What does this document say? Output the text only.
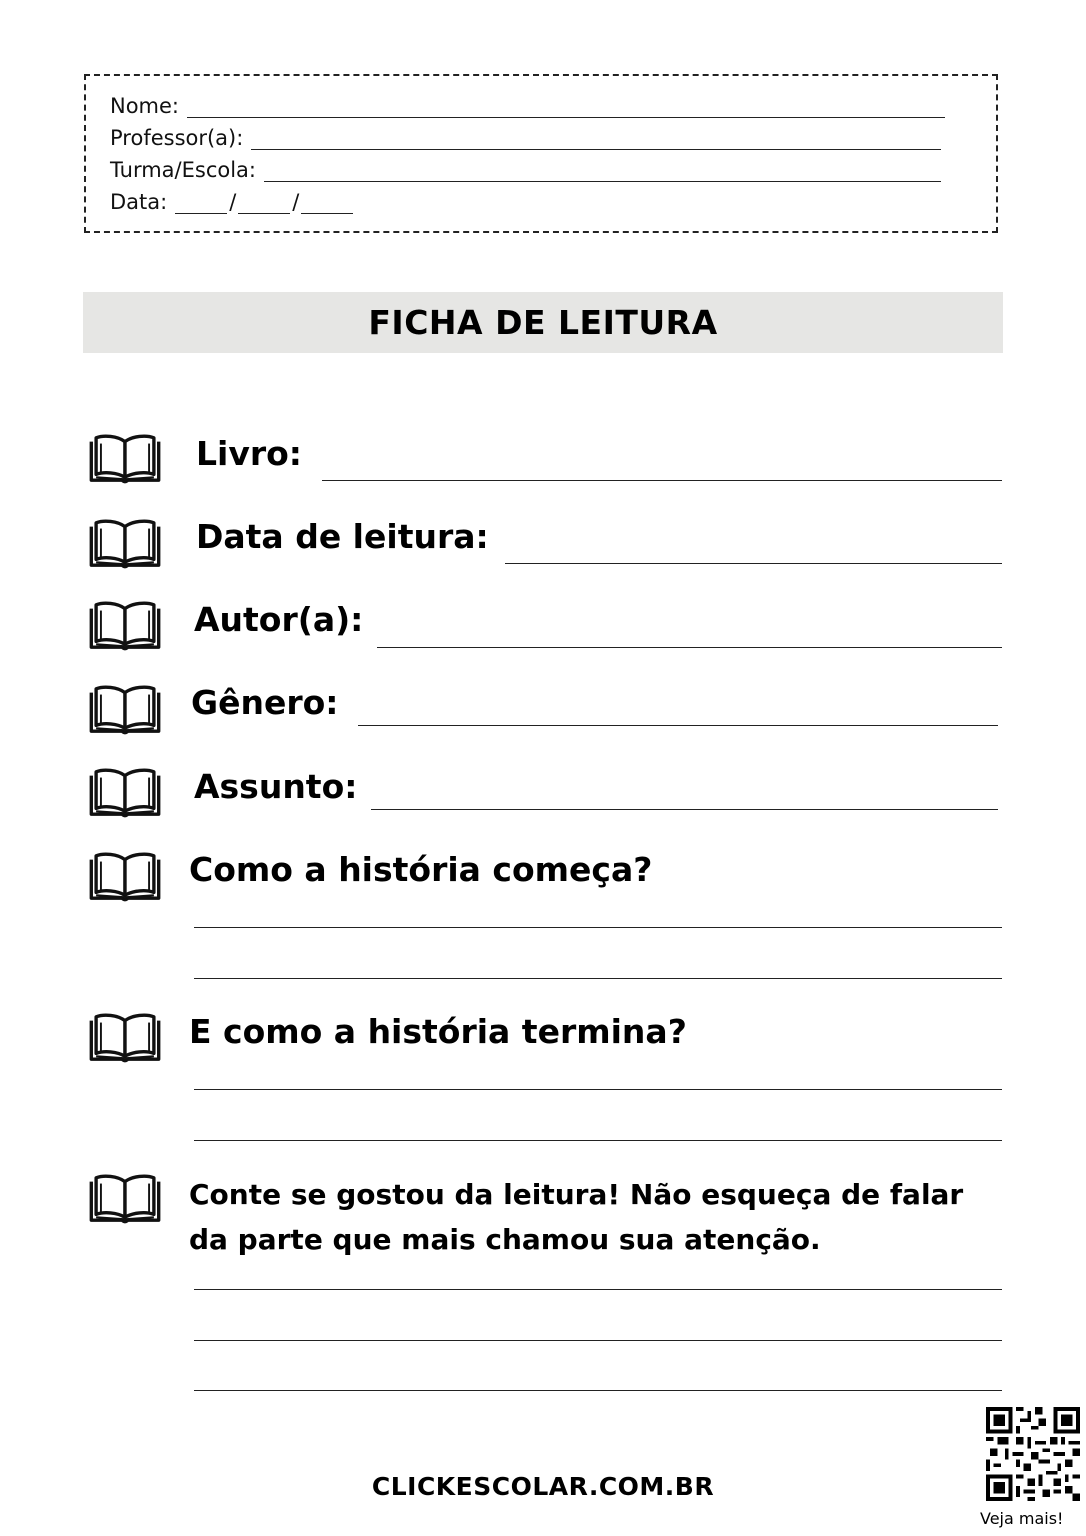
Nome:
Professor(a):
Turma/Escola:
Data:	/	/
FICHA DE LEITURA
Livro:
Data de leitura:
Autor(a):
Gênero:
Assunto:
Como a história começa?
E como a história termina?
Conte se gostou da leitura! Não esqueça de falar
da parte que mais chamou sua atenção.
CLICKESCOLAR.COM.BR
Veja mais!
